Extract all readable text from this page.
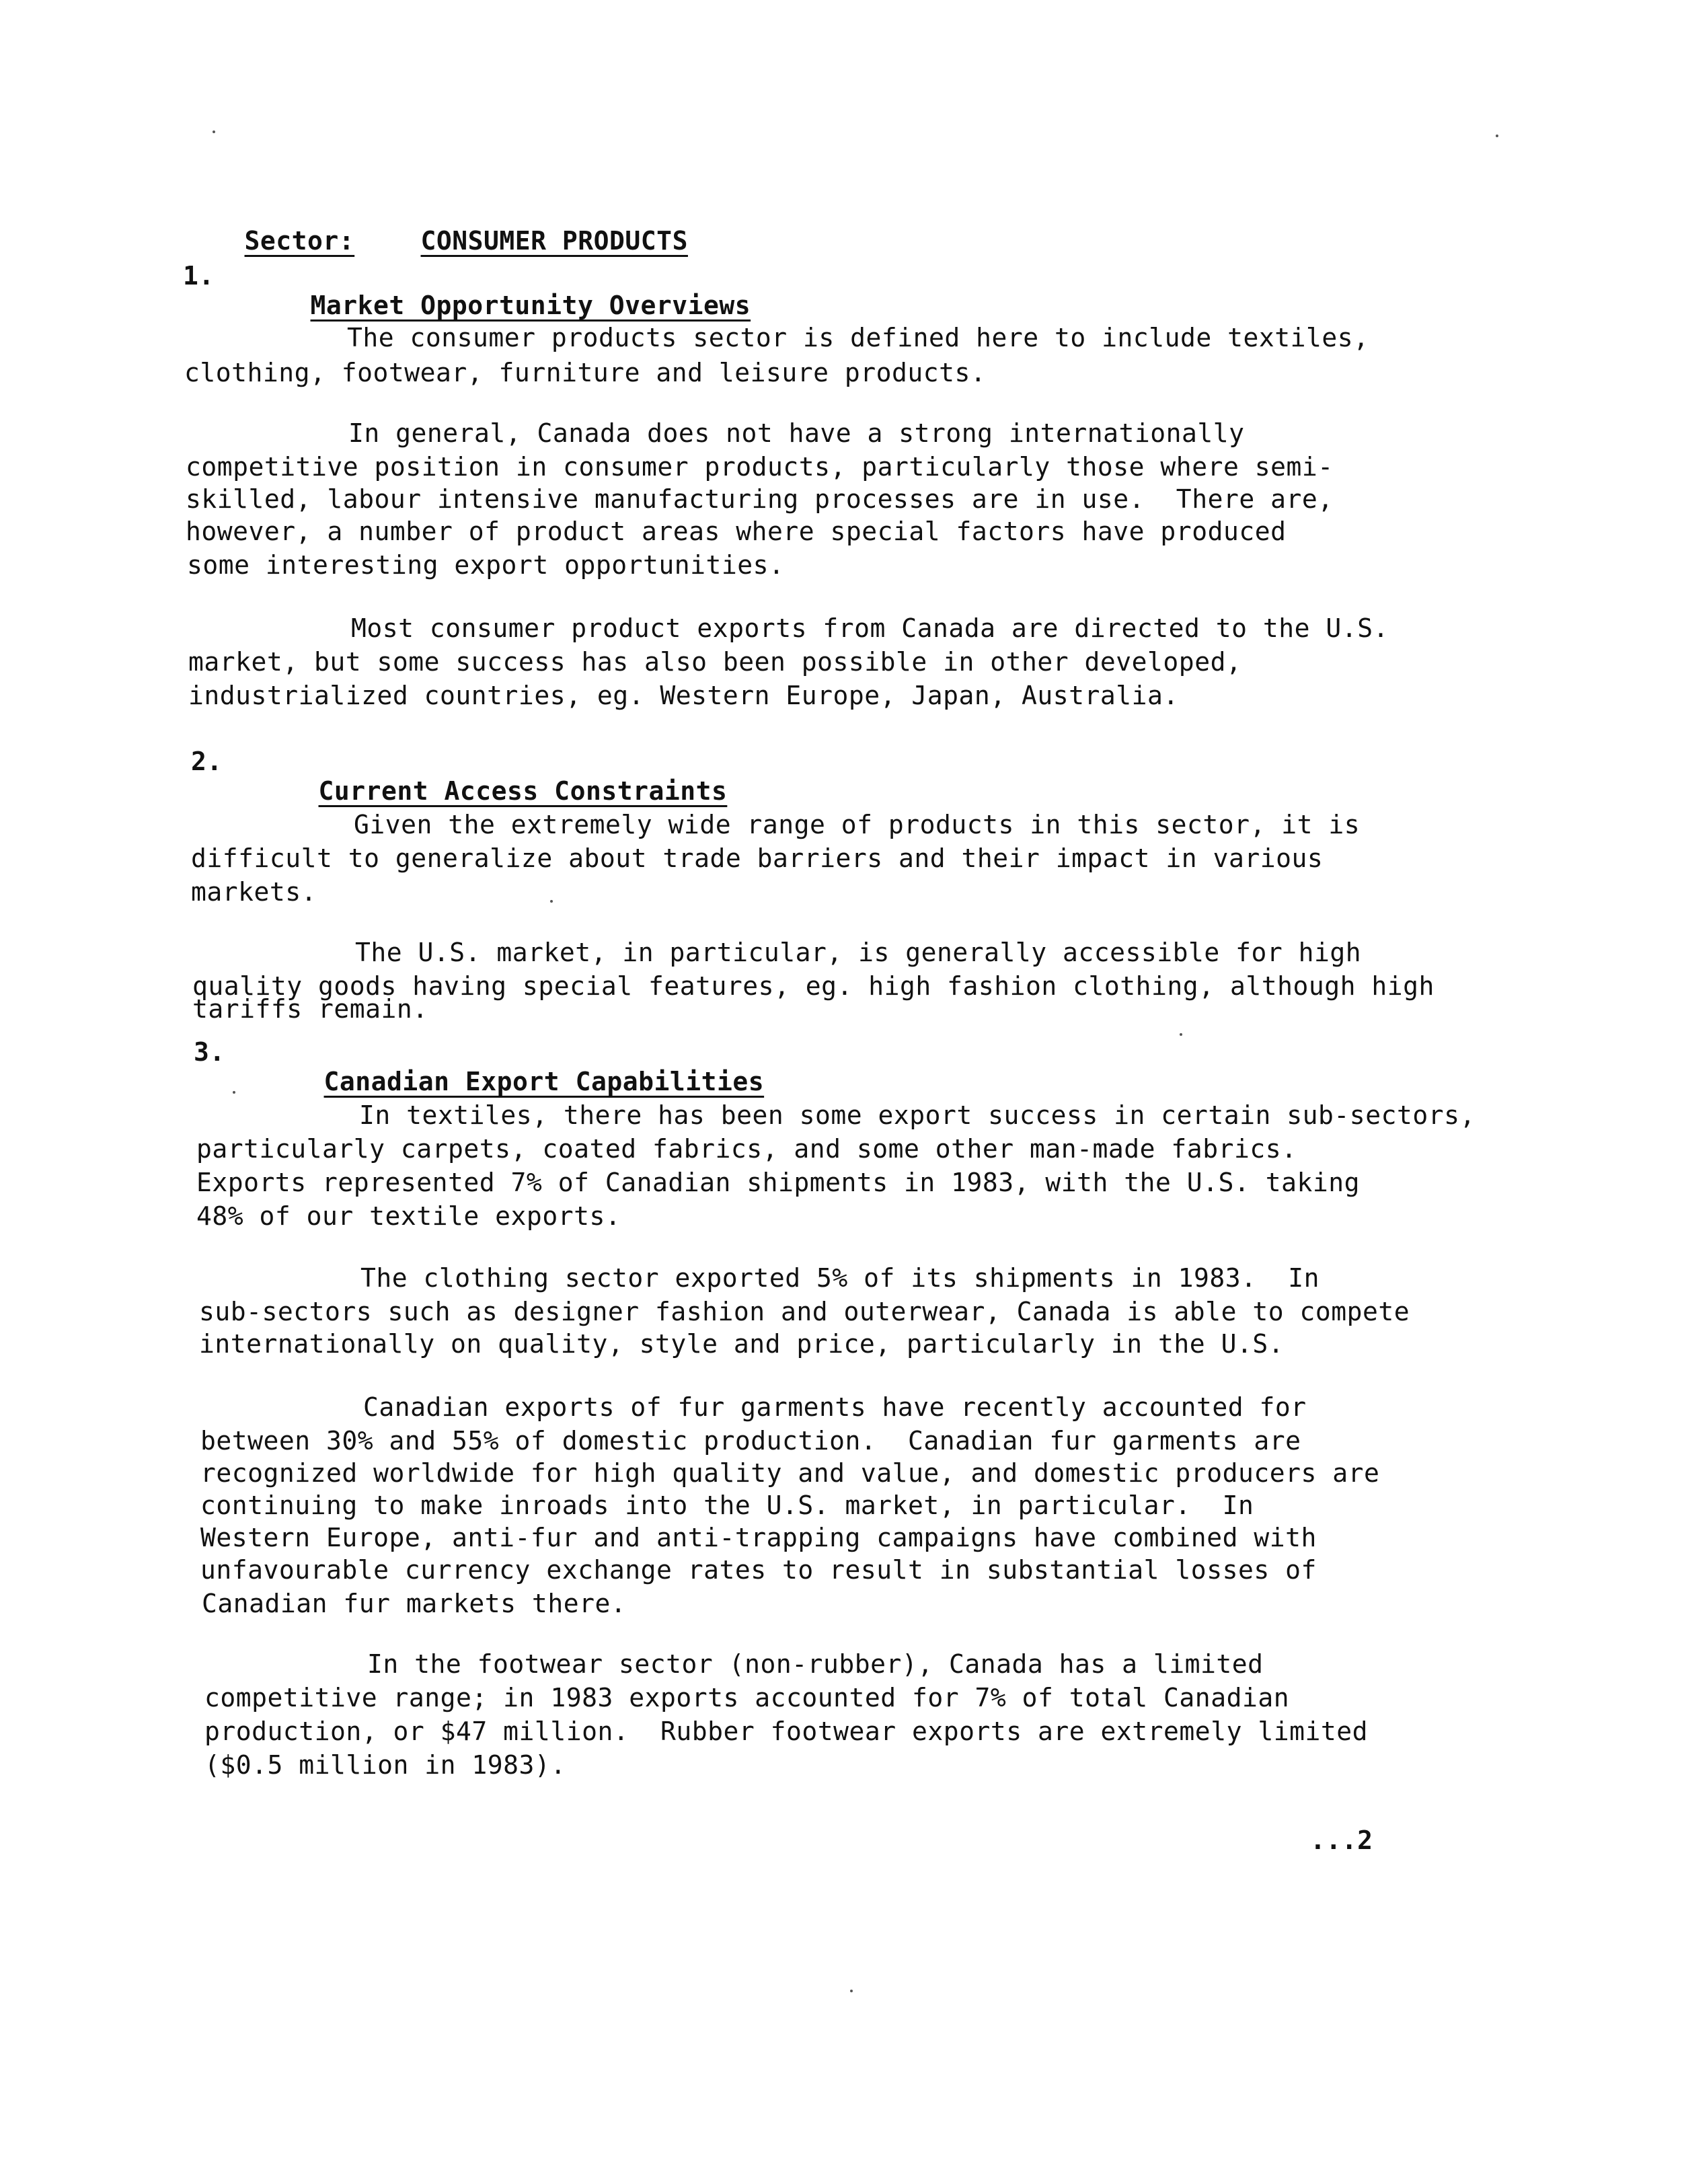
Sector:
	CONSUMER PRODUCTS

1.

Market Opportunity Overviews

The consumer products sector is defined here to include textiles,
clothing, footwear, furniture and leisure products.
In general, Canada does not have a strong internationally
competitive position in consumer products, particularly those where semi-
skilled, labour intensive manufacturing processes are in use.  There are,
however, a number of product areas where special factors have produced
some interesting export opportunities.
Most consumer product exports from Canada are directed to the U.S.
market, but some success has also been possible in other developed,
industrialized countries, eg. Western Europe, Japan, Australia.
2.

Current Access Constraints

Given the extremely wide range of products in this sector, it is
difficult to generalize about trade barriers and their impact in various
markets.
The U.S. market, in particular, is generally accessible for high
quality goods having special features, eg. high fashion clothing, although high
tariffs remain.
3.

Canadian Export Capabilities

In textiles, there has been some export success in certain sub-sectors,
particularly carpets, coated fabrics, and some other man-made fabrics.
Exports represented 7% of Canadian shipments in 1983, with the U.S. taking
48% of our textile exports.
The clothing sector exported 5% of its shipments in 1983.  In
sub-sectors such as designer fashion and outerwear, Canada is able to compete
internationally on quality, style and price, particularly in the U.S.
Canadian exports of fur garments have recently accounted for
between 30% and 55% of domestic production.  Canadian fur garments are
recognized worldwide for high quality and value, and domestic producers are
continuing to make inroads into the U.S. market, in particular.  In
Western Europe, anti-fur and anti-trapping campaigns have combined with
unfavourable currency exchange rates to result in substantial losses of
Canadian fur markets there.
In the footwear sector (non-rubber), Canada has a limited
competitive range; in 1983 exports accounted for 7% of total Canadian
production, or $47 million.  Rubber footwear exports are extremely limited
($0.5 million in 1983).
...2
